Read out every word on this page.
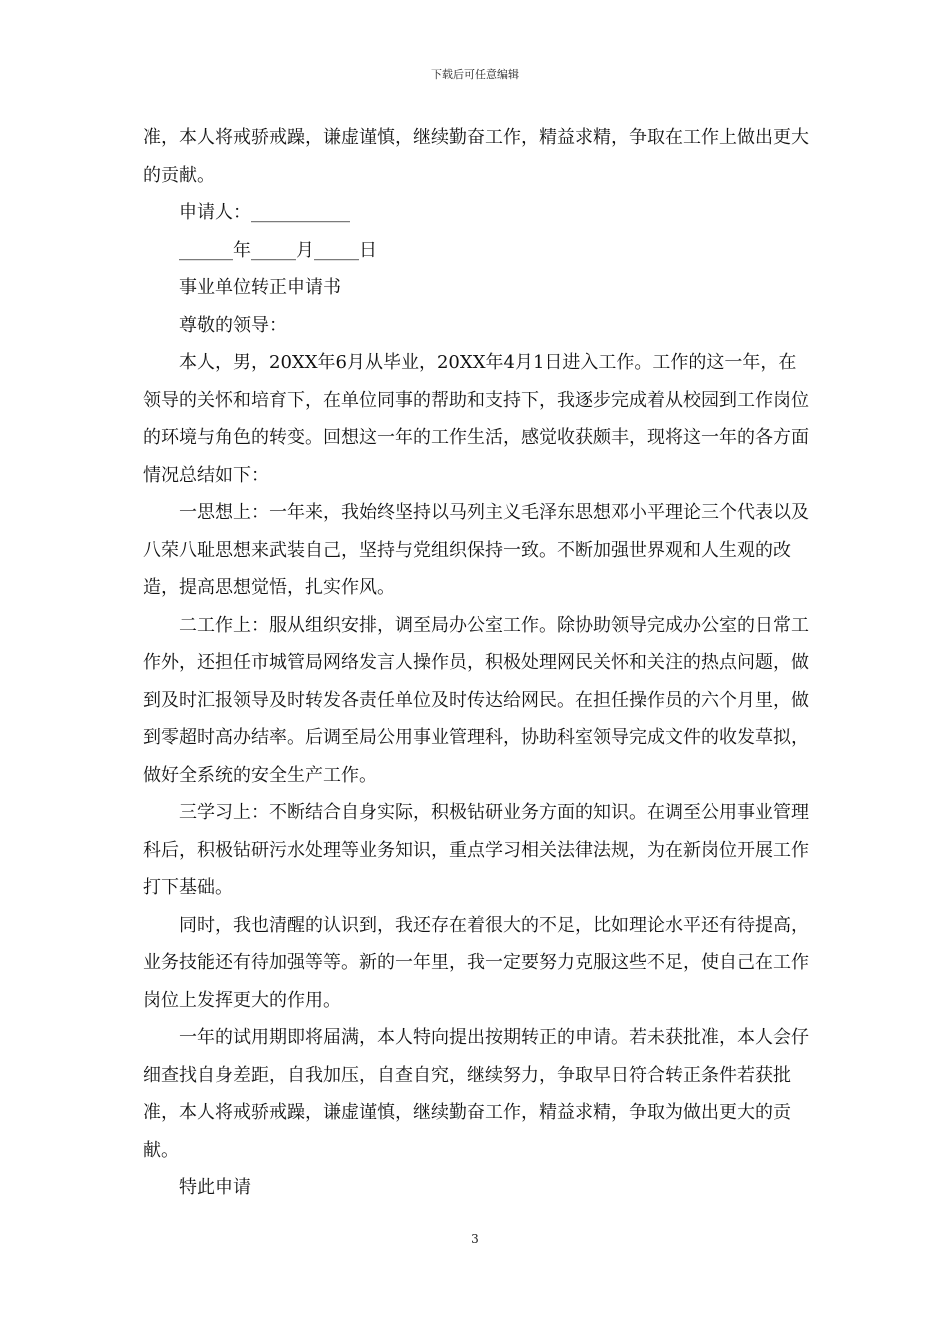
下载后可任意编辑

准，本人将戒骄戒躁，谦虚谨慎，继续勤奋工作，精益求精，争取在工作上做出更大的贡献。

申请人：___________

______年_____月_____日

事业单位转正申请书

尊敬的领导：

本人，男，20XX年6月从毕业，20XX年4月1日进入工作。工作的这一年，在领导的关怀和培育下，在单位同事的帮助和支持下，我逐步完成着从校园到工作岗位的环境与角色的转变。回想这一年的工作生活，感觉收获颇丰，现将这一年的各方面情况总结如下：

一思想上：一年来，我始终坚持以马列主义毛泽东思想邓小平理论三个代表以及八荣八耻思想来武装自己，坚持与党组织保持一致。不断加强世界观和人生观的改造，提高思想觉悟，扎实作风。

二工作上：服从组织安排，调至局办公室工作。除协助领导完成办公室的日常工作外，还担任市城管局网络发言人操作员，积极处理网民关怀和关注的热点问题，做到及时汇报领导及时转发各责任单位及时传达给网民。在担任操作员的六个月里，做到零超时高办结率。后调至局公用事业管理科，协助科室领导完成文件的收发草拟，做好全系统的安全生产工作。

三学习上：不断结合自身实际，积极钻研业务方面的知识。在调至公用事业管理科后，积极钻研污水处理等业务知识，重点学习相关法律法规，为在新岗位开展工作打下基础。

同时，我也清醒的认识到，我还存在着很大的不足，比如理论水平还有待提高，业务技能还有待加强等等。新的一年里，我一定要努力克服这些不足，使自己在工作岗位上发挥更大的作用。

一年的试用期即将届满，本人特向提出按期转正的申请。若未获批准，本人会仔细查找自身差距，自我加压，自查自究，继续努力，争取早日符合转正条件若获批准，本人将戒骄戒躁，谦虚谨慎，继续勤奋工作，精益求精，争取为做出更大的贡献。

特此申请

3
